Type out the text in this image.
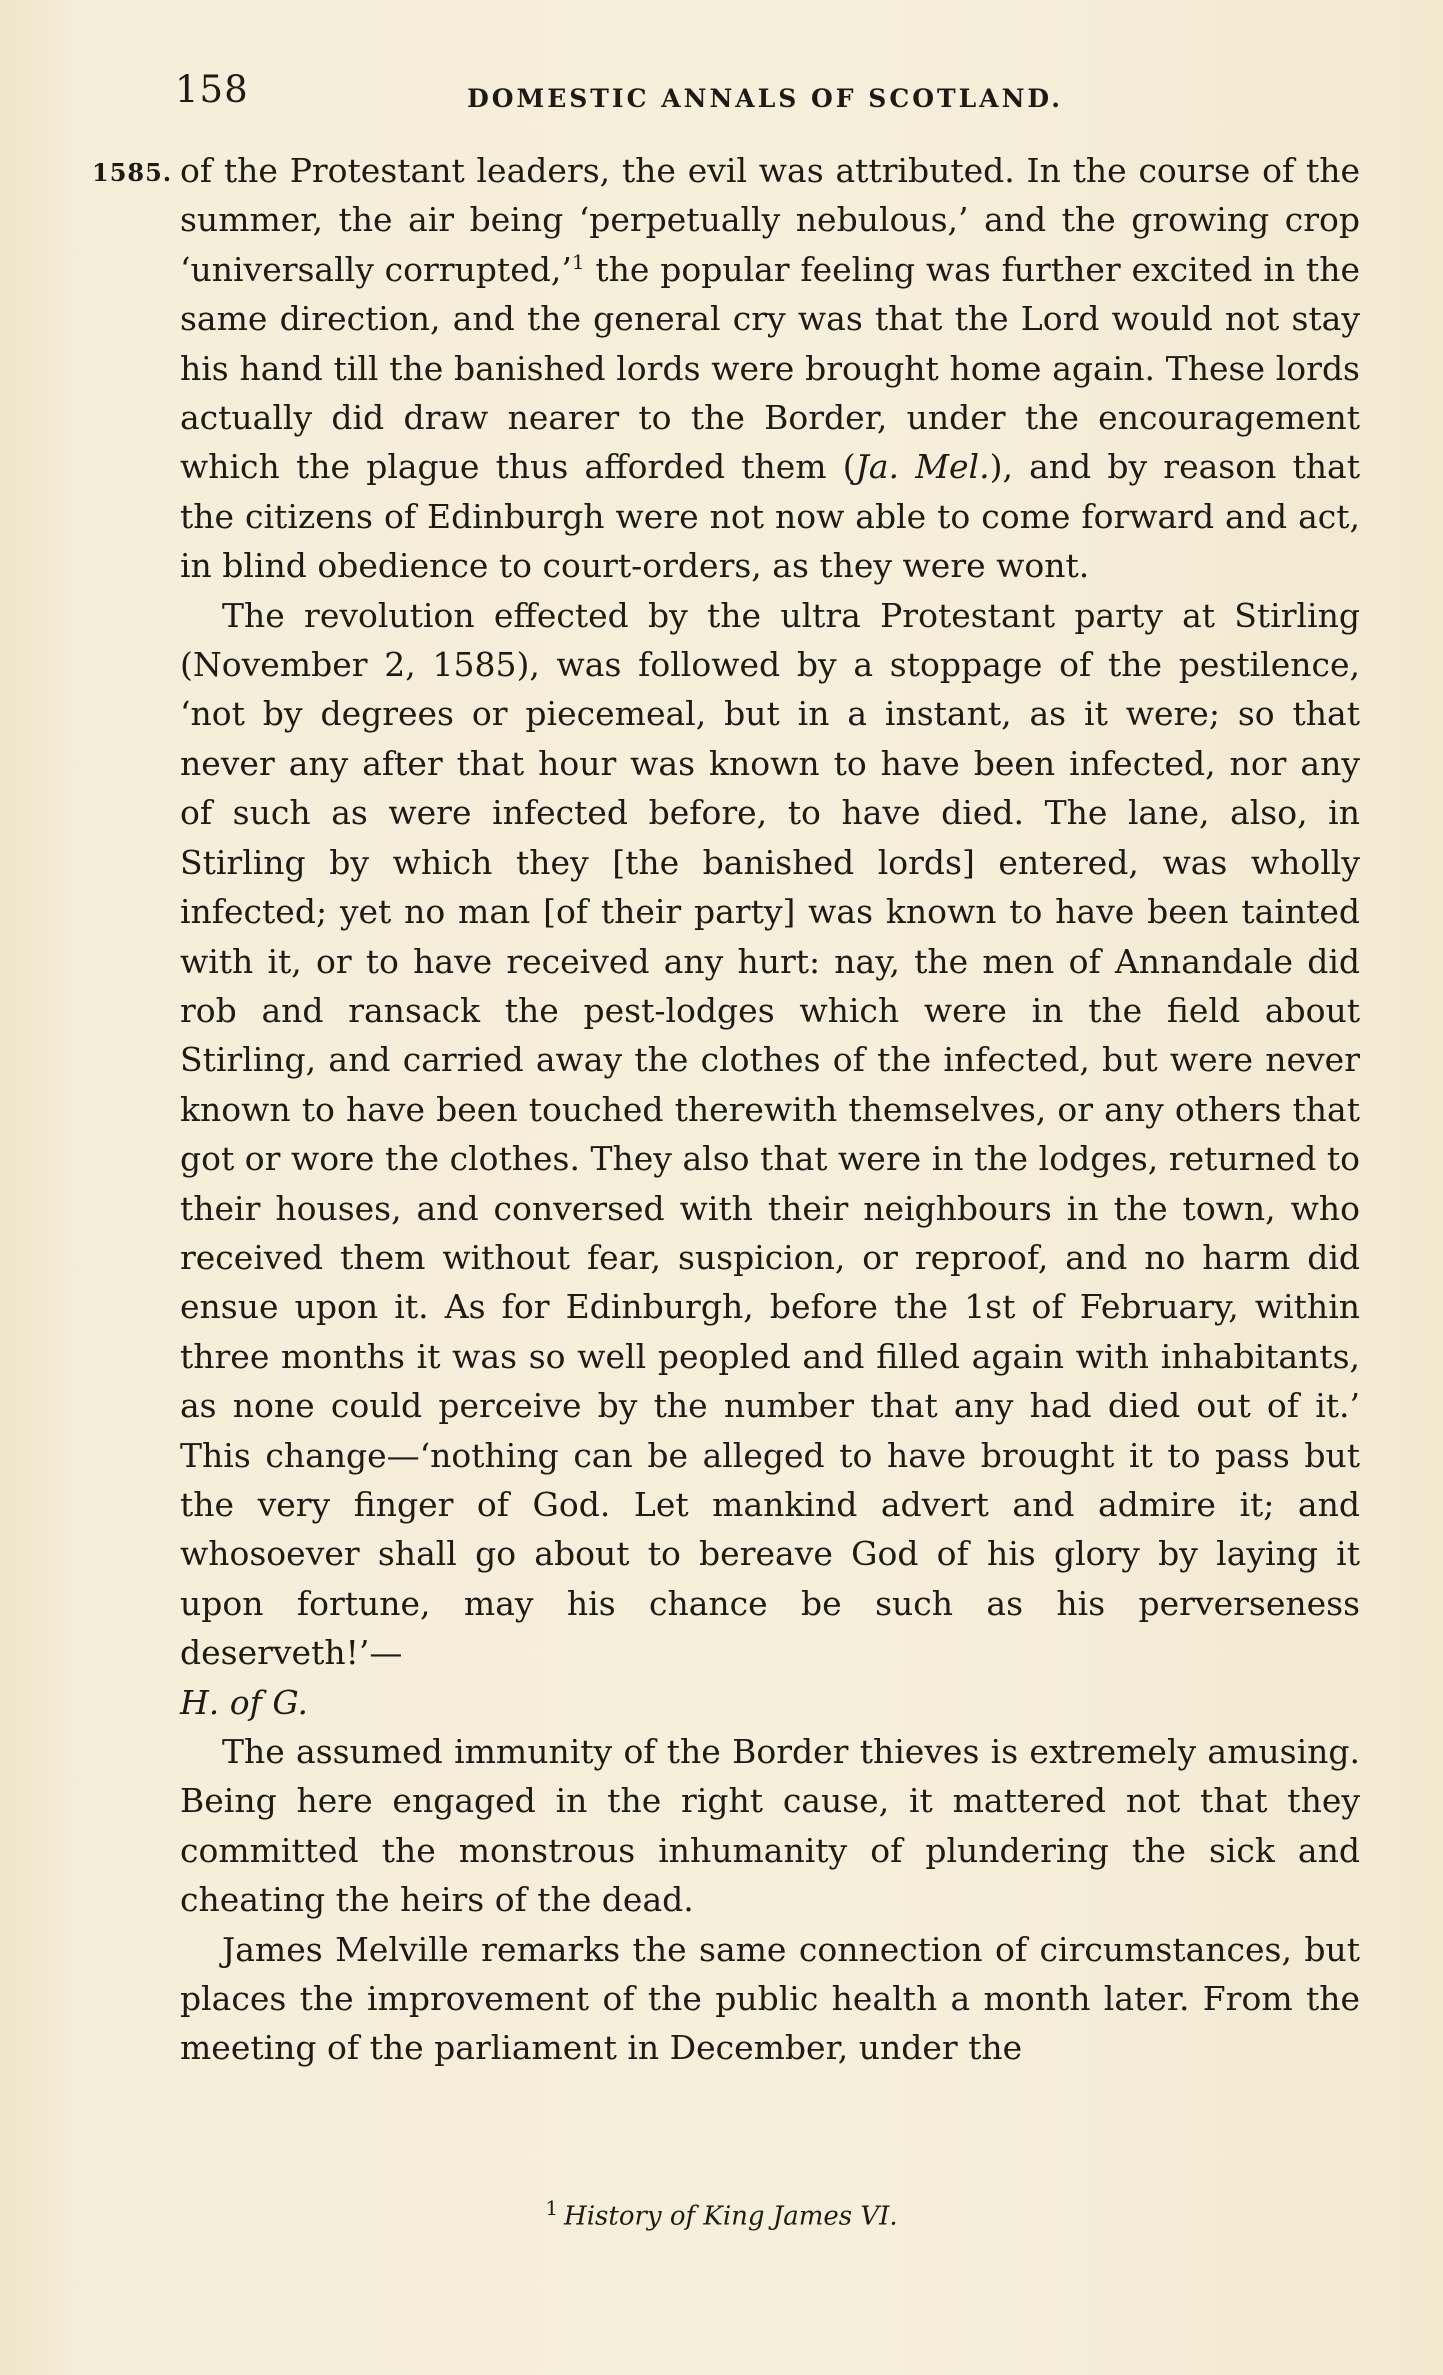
158	DOMESTIC ANNALS OF SCOTLAND.
1585. of the Protestant leaders, the evil was attributed. In the course of the summer, the air being ‘perpetually nebulous,’ and the growing crop ‘universally corrupted,’$^1$ the popular feeling was further excited in the same direction, and the general cry was that the Lord would not stay his hand till the banished lords were brought home again. These lords actually did draw nearer to the Border, under the encouragement which the plague thus afforded them (Ja. Mel.), and by reason that the citizens of Edinburgh were not now able to come forward and act, in blind obedience to court-orders, as they were wont.

The revolution effected by the ultra Protestant party at Stirling (November 2, 1585), was followed by a stoppage of the pestilence, ‘not by degrees or piecemeal, but in a instant, as it were; so that never any after that hour was known to have been infected, nor any of such as were infected before, to have died. The lane, also, in Stirling by which they [the banished lords] entered, was wholly infected; yet no man [of their party] was known to have been tainted with it, or to have received any hurt: nay, the men of Annandale did rob and ransack the pest-lodges which were in the field about Stirling, and carried away the clothes of the infected, but were never known to have been touched therewith themselves, or any others that got or wore the clothes. They also that were in the lodges, returned to their houses, and conversed with their neighbours in the town, who received them without fear, suspicion, or reproof, and no harm did ensue upon it. As for Edinburgh, before the 1st of February, within three months it was so well peopled and filled again with inhabitants, as none could perceive by the number that any had died out of it.’ This change—‘nothing can be alleged to have brought it to pass but the very finger of God. Let mankind advert and admire it; and whosoever shall go about to bereave God of his glory by laying it upon fortune, may his chance be such as his perverseness deserveth!’—
H. of G.

The assumed immunity of the Border thieves is extremely amusing. Being here engaged in the right cause, it mattered not that they committed the monstrous inhumanity of plundering the sick and cheating the heirs of the dead.

James Melville remarks the same connection of circumstances, but places the improvement of the public health a month later. From the meeting of the parliament in December, under the

$^1$ History of King James VI.
